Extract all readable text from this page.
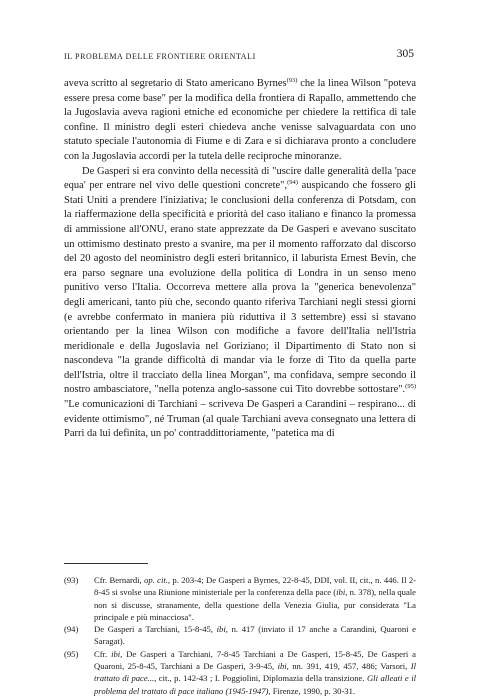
IL PROBLEMA DELLE FRONTIERE ORIENTALI	305

aveva scritto al segretario di Stato americano Byrnes$^{(93)}$ che la linea Wilson "poteva essere presa come base" per la modifica della frontiera di Rapallo, ammettendo che la Jugoslavia aveva ragioni etniche ed economiche per chiedere la rettifica di tale confine. Il ministro degli esteri chiedeva anche venisse salvaguardata con uno statuto speciale l'autonomia di Fiume e di Zara e si dichiarava pronto a concludere con la Jugoslavia accordi per la tutela delle reciproche minoranze.

De Gasperi si era convinto della necessità di "uscire dalle generalità della 'pace equa' per entrare nel vivo delle questioni concrete",$^{(94)}$ auspicando che fossero gli Stati Uniti a prendere l'iniziativa; le conclusioni della conferenza di Potsdam, con la riaffermazione della specificità e priorità del caso italiano e financo la promessa di ammissione all'ONU, erano state apprezzate da De Gasperi e avevano suscitato un ottimismo destinato presto a svanire, ma per il momento rafforzato dal discorso del 20 agosto del neoministro degli esteri britannico, il laburista Ernest Bevin, che era parso segnare una evoluzione della politica di Londra in un senso meno punitivo verso l'Italia. Occorreva mettere alla prova la "generica benevolenza" degli americani, tanto più che, secondo quanto riferiva Tarchiani negli stessi giorni (e avrebbe confermato in maniera più riduttiva il 3 settembre) essi si stavano orientando per la linea Wilson con modifiche a favore dell'Italia nell'Istria meridionale e della Jugoslavia nel Goriziano; il Dipartimento di Stato non si nascondeva "la grande difficoltà di mandar via le forze di Tito da quella parte dell'Istria, oltre il tracciato della linea Morgan", ma confidava, sempre secondo il nostro ambasciatore, "nella potenza anglo-sassone cui Tito dovrebbe sottostare".$^{(95)}$ "Le comunicazioni di Tarchiani – scriveva De Gasperi a Carandini – respirano... di evidente ottimismo", né Truman (al quale Tarchiani aveva consegnato una lettera di Parri da lui definita, un po' contraddittoriamente, "patetica ma di

(93) Cfr. Bernardi, op. cit., p. 203-4; De Gasperi a Byrnes, 22-8-45, DDI, vol. II, cit., n. 446. Il 2-8-45 si svolse una Riunione ministeriale per la conferenza della pace (ibi, n. 378), nella quale non si discusse, stranamente, della questione della Venezia Giulia, pur considerata "La principale e più minacciosa".

(94) De Gasperi a Tarchiani, 15-8-45, ibi, n. 417 (inviato il 17 anche a Carandini, Quaroni e Saragat).

(95) Cfr. ibi, De Gasperi a Tarchiani, 7-8-45 Tarchiani a De Gasperi, 15-8-45, De Gasperi a Quaroni, 25-8-45, Tarchiani a De Gasperi, 3-9-45, ibi, nn. 391, 419, 457, 486; Varsori, Il trattato di pace..., cit., p. 142-43 ; I. Poggiolini, Diplomazia della transizione. Gli alleati e il problema del trattato di pace italiano (1945-1947), Firenze, 1990, p. 30-31.
